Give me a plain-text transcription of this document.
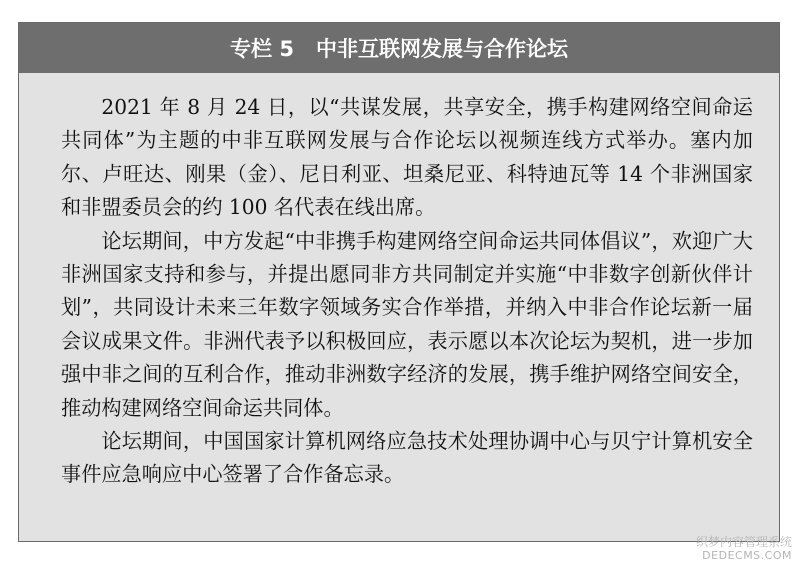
专栏 5 中非互联网发展与合作论坛

2021 年 8 月 24 日，以“共谋发展，共享安全，携手构建网络空间命运共同体”为主题的中非互联网发展与合作论坛以视频连线方式举办。塞内加尔、卢旺达、刚果（金）、尼日利亚、坦桑尼亚、科特迪瓦等 14 个非洲国家和非盟委员会的约 100 名代表在线出席。

论坛期间，中方发起“中非携手构建网络空间命运共同体倡议”，欢迎广大非洲国家支持和参与，并提出愿同非方共同制定并实施“中非数字创新伙伴计划”，共同设计未来三年数字领域务实合作举措，并纳入中非合作论坛新一届会议成果文件。非洲代表予以积极回应，表示愿以本次论坛为契机，进一步加强中非之间的互利合作，推动非洲数字经济的发展，携手维护网络空间安全，推动构建网络空间命运共同体。

论坛期间，中国国家计算机网络应急技术处理协调中心与贝宁计算机安全事件应急响应中心签署了合作备忘录。

织梦内容管理系统
DEDECMS.COM
